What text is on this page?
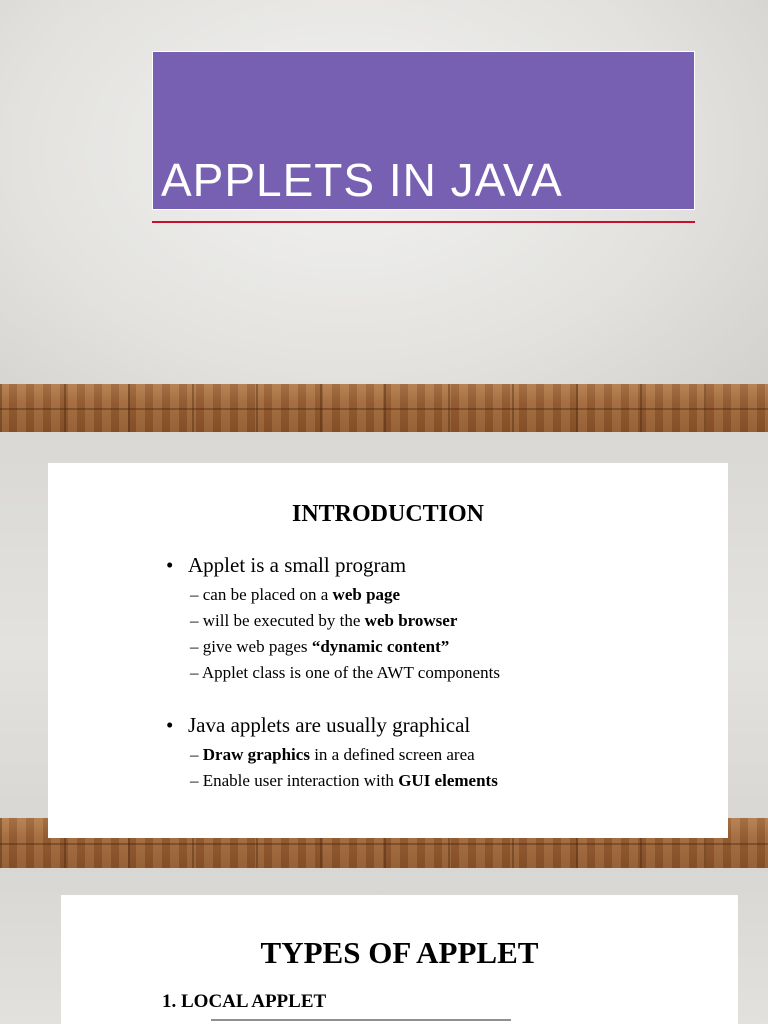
APPLETS IN JAVA
INTRODUCTION
• Applet is a small program
– can be placed on a web page
– will be executed by the web browser
– give web pages “dynamic content”
– Applet class is one of the AWT components
• Java applets are usually graphical
– Draw graphics in a defined screen area
– Enable user interaction with GUI elements
TYPES OF APPLET
1. LOCAL APPLET
